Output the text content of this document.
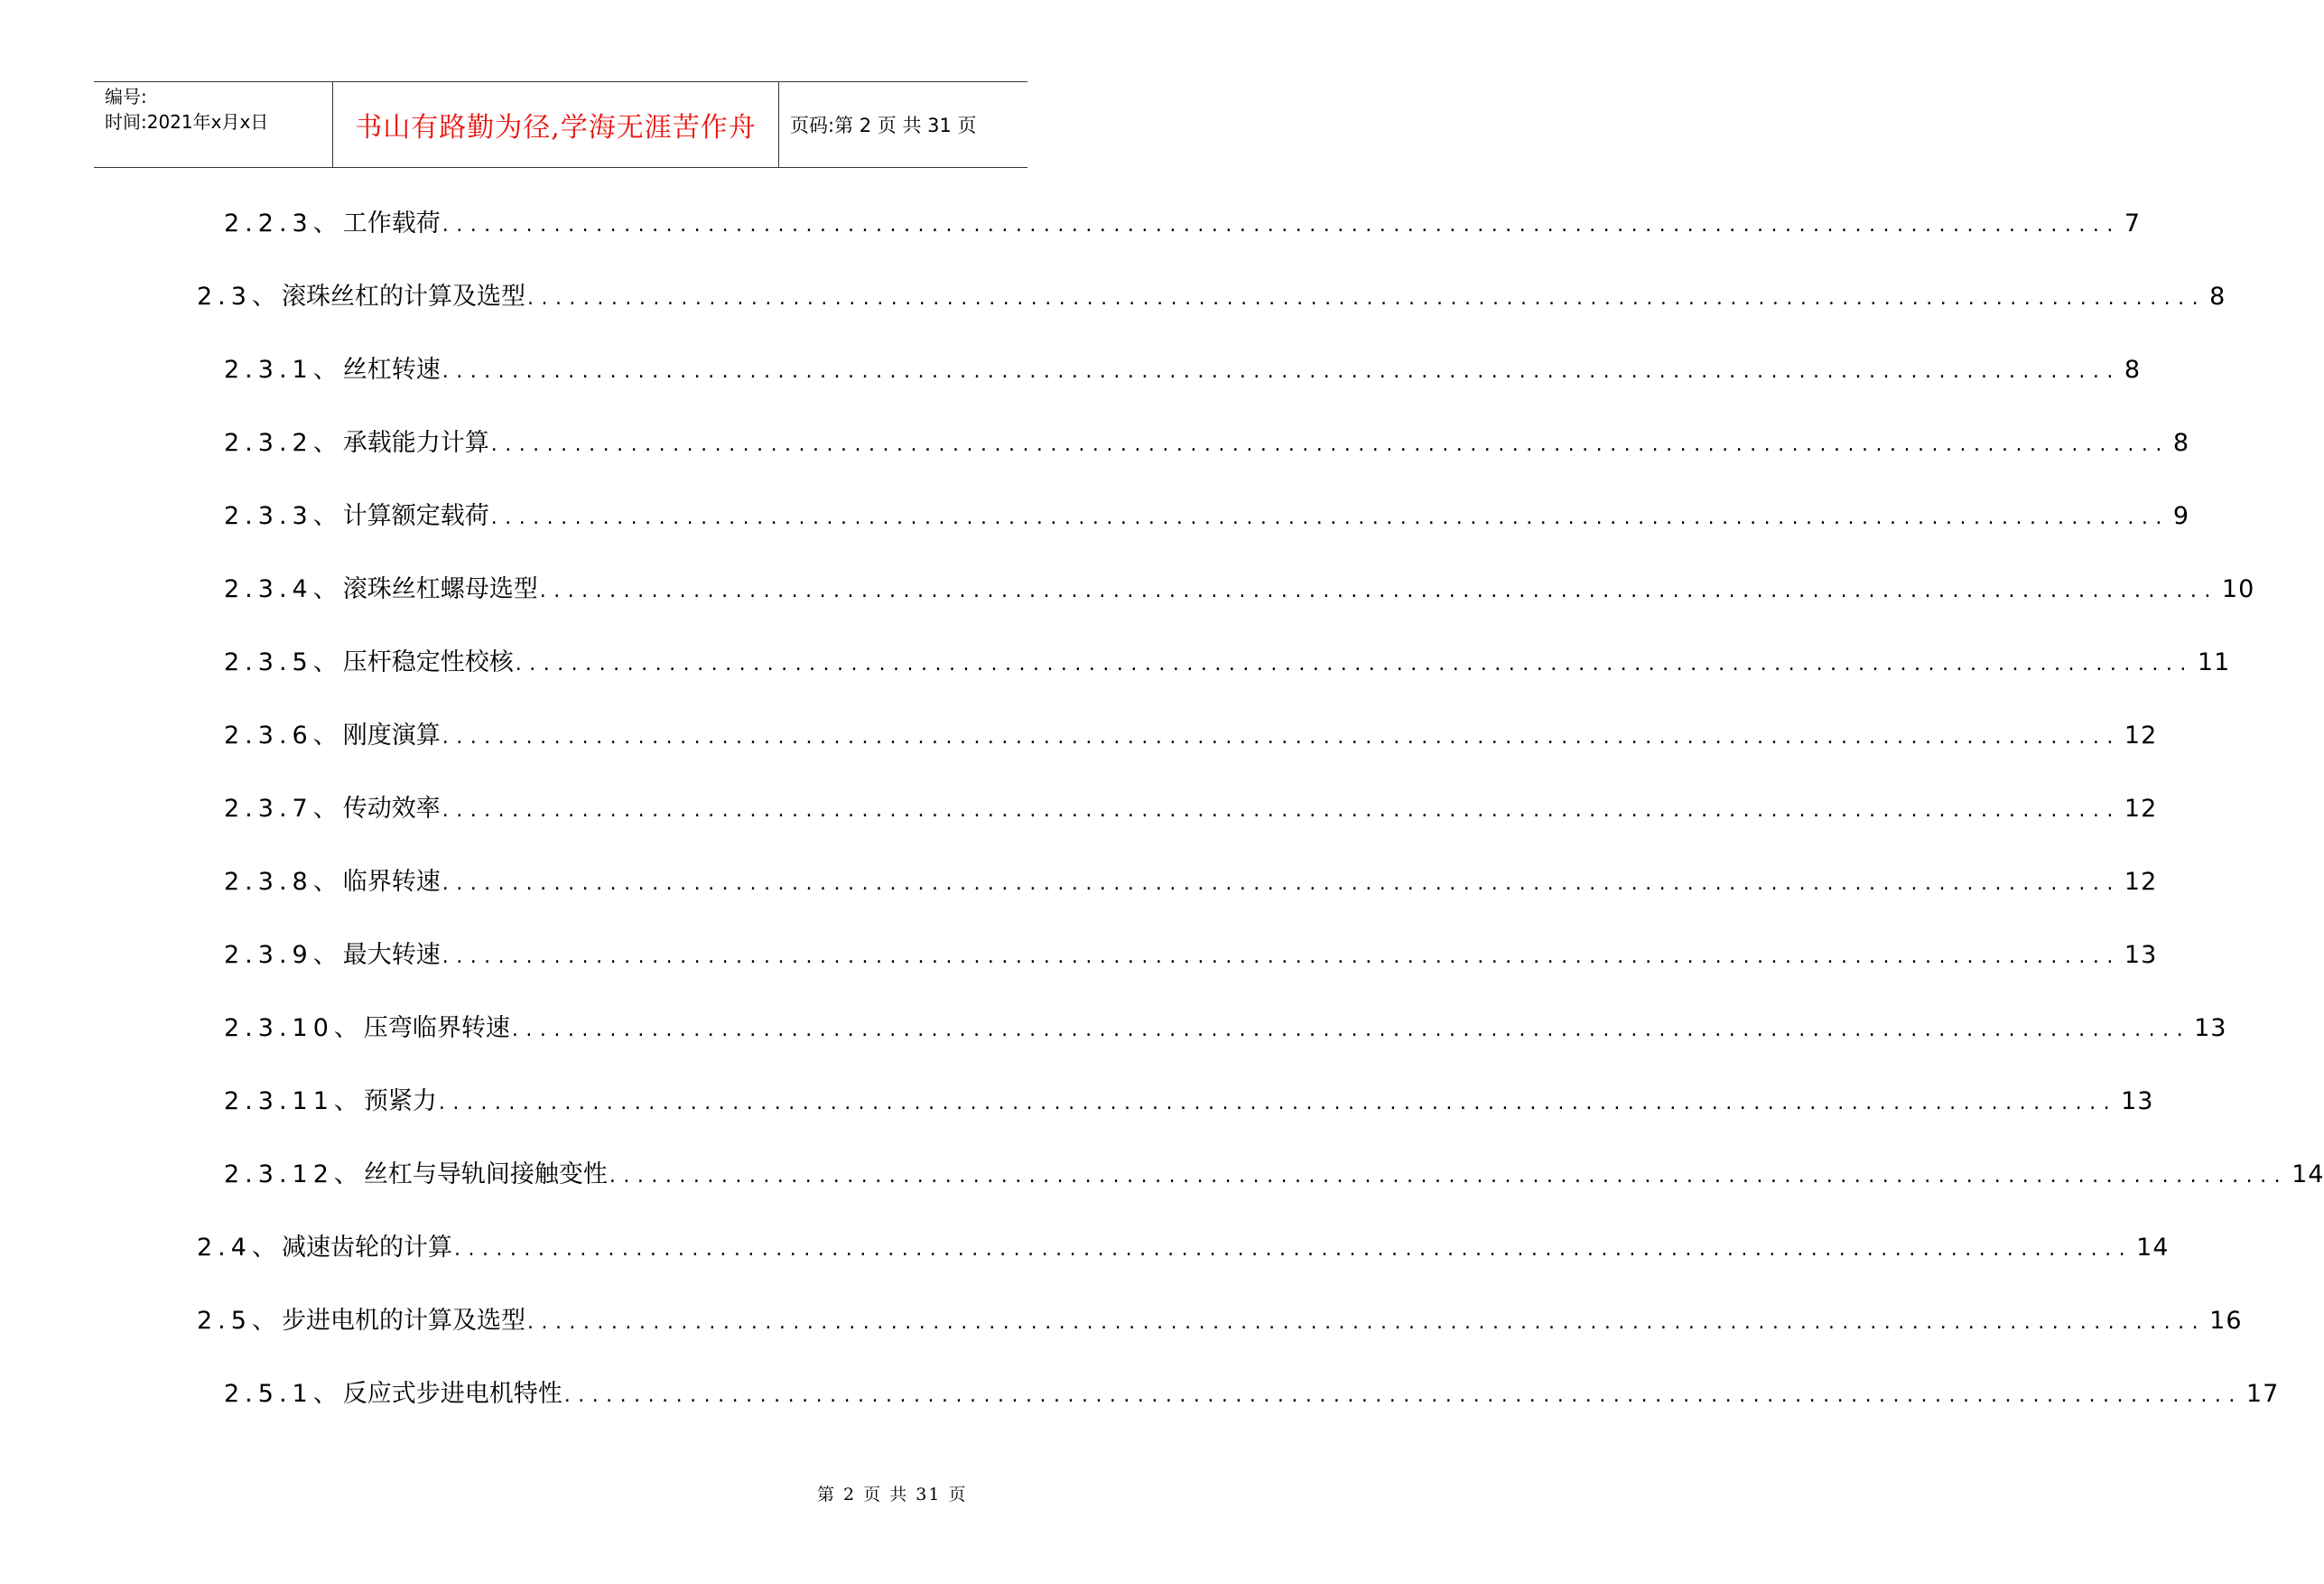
编号:
时间:2021年x月x日	书山有路勤为径,学海无涯苦作舟	页码:第 2 页 共 31 页
2.2.3、 工作载荷 ........................................................................................................................ 7
2.3、 滚珠丝杠的计算及选型 ........................................................................................................................ 8
2.3.1、 丝杠转速 ........................................................................................................................ 8
2.3.2、 承载能力计算 ........................................................................................................................ 8
2.3.3、 计算额定载荷 ........................................................................................................................ 9
2.3.4、 滚珠丝杠螺母选型 ........................................................................................................................ 10
2.3.5、 压杆稳定性校核 ........................................................................................................................ 11
2.3.6、 刚度演算 ........................................................................................................................ 12
2.3.7、 传动效率 ........................................................................................................................ 12
2.3.8、 临界转速 ........................................................................................................................ 12
2.3.9、 最大转速 ........................................................................................................................ 13
2.3.10、 压弯临界转速 ........................................................................................................................ 13
2.3.11、 预紧力 ........................................................................................................................ 13
2.3.12、 丝杠与导轨间接触变性 ........................................................................................................................ 14
2.4、 减速齿轮的计算 ........................................................................................................................ 14
2.5、 步进电机的计算及选型 ........................................................................................................................ 16
2.5.1、 反应式步进电机特性 ........................................................................................................................ 17
第 2 页 共 31 页
